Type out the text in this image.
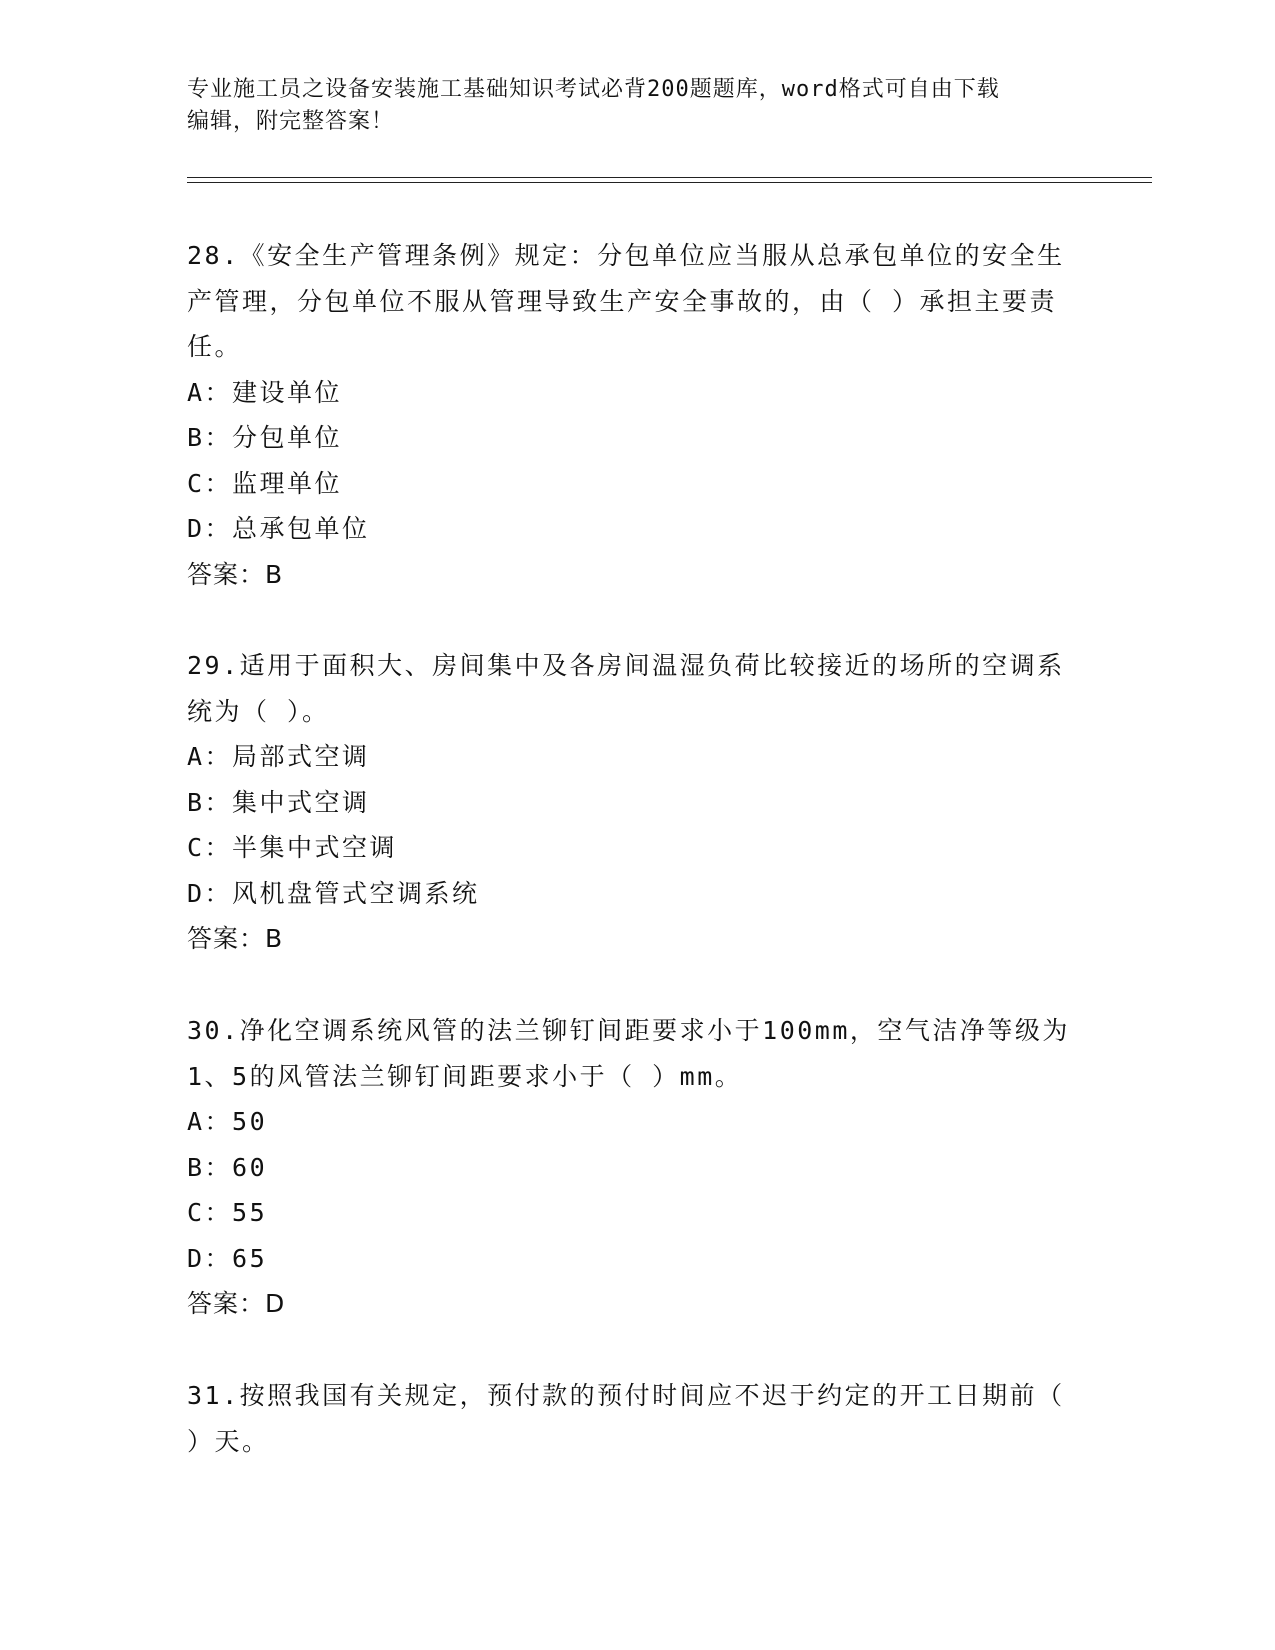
专业施工员之设备安装施工基础知识考试必背200题题库，word格式可自由下载
编辑，附完整答案！
28.《安全生产管理条例》规定：分包单位应当服从总承包单位的安全生产管理，分包单位不服从管理导致生产安全事故的，由（ ）承担主要责任。
A：建设单位
B：分包单位
C：监理单位
D：总承包单位
答案：B
29.适用于面积大、房间集中及各房间温湿负荷比较接近的场所的空调系统为（ ）。
A：局部式空调
B：集中式空调
C：半集中式空调
D：风机盘管式空调系统
答案：B
30.净化空调系统风管的法兰铆钉间距要求小于100mm，空气洁净等级为1、5的风管法兰铆钉间距要求小于（ ）mm。
A：50
B：60
C：55
D：65
答案：D
31.按照我国有关规定，预付款的预付时间应不迟于约定的开工日期前（ ）天。
